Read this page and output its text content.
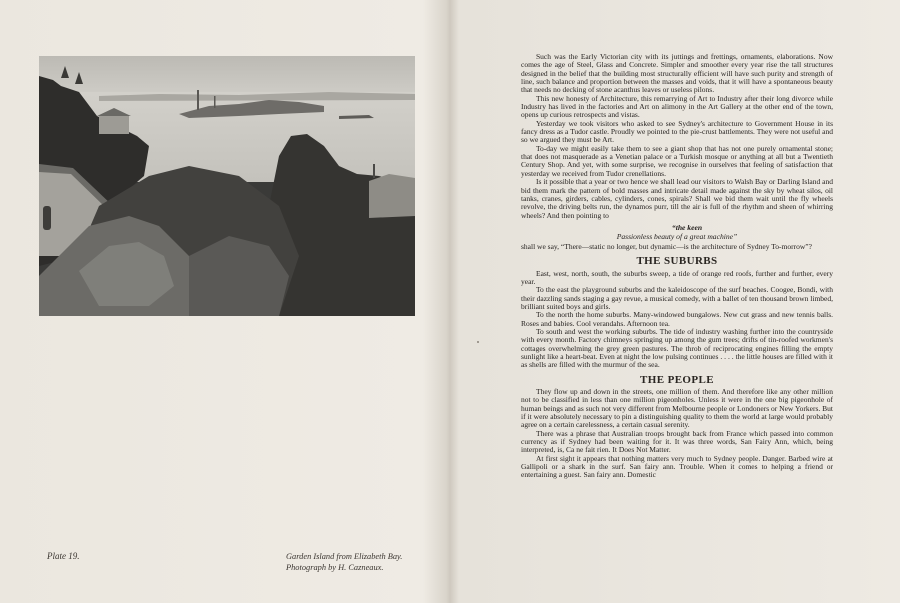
Plate 19.	Garden Island from Elizabeth Bay.
Photograph by H. Cazneaux.

Such was the Early Victorian city with its juttings and frettings, ornaments, elaborations. Now comes the age of Steel, Glass and Concrete. Simpler and smoother every year rise the tall structures designed in the belief that the building most structurally efficient will have such purity and strength of line, such balance and proportion between the masses and voids, that it will have a spontaneous beauty that needs no decking of stone acanthus leaves or useless pilons.

This new honesty of Architecture, this remarrying of Art to Industry after their long divorce while Industry has lived in the factories and Art on alimony in the Art Gallery at the other end of the town, opens up curious retrospects and vistas.

Yesterday we took visitors who asked to see Sydney's architecture to Government House in its fancy dress as a Tudor castle. Proudly we pointed to the pie-crust battlements. They were not useful and so we argued they must be Art.

To-day we might easily take them to see a giant shop that has not one purely ornamental stone; that does not masquerade as a Venetian palace or a Turkish mosque or anything at all but a Twentieth Century Shop. And yet, with some surprise, we recognise in ourselves that feeling of satisfaction that yesterday we received from Tudor crenellations.

Is it possible that a year or two hence we shall lead our visitors to Walsh Bay or Darling Island and bid them mark the pattern of bold masses and intricate detail made against the sky by wheat silos, oil tanks, cranes, girders, cables, cylinders, cones, spirals? Shall we bid them wait until the fly wheels revolve, the driving belts run, the dynamos purr, till the air is full of the rhythm and sheen of whirring wheels? And then pointing to

“the keen
Passionless beauty of a great machine”

shall we say, “There—static no longer, but dynamic—is the architecture of Sydney To-morrow”?

THE SUBURBS

East, west, north, south, the suburbs sweep, a tide of orange red roofs, further and further, every year.

To the east the playground suburbs and the kaleidoscope of the surf beaches. Coogee, Bondi, with their dazzling sands staging a gay revue, a musical comedy, with a ballet of ten thousand brown limbed, brilliant suited boys and girls.

To the north the home suburbs. Many-windowed bungalows. New cut grass and new tennis balls. Roses and babies. Cool verandahs. Afternoon tea.

To south and west the working suburbs. The tide of industry washing further into the countryside with every month. Factory chimneys springing up among the gum trees; drifts of tin-roofed workmen's cottages overwhelming the grey green pastures. The throb of reciprocating engines filling the empty sunlight like a heart-beat. Even at night the low pulsing continues . . . . the little houses are filled with it as shells are filled with the murmur of the sea.

THE PEOPLE

They flow up and down in the streets, one million of them. And therefore like any other million not to be classified in less than one million pigeonholes. Unless it were in the one big pigeonhole of human beings and as such not very different from Melbourne people or Londoners or New Yorkers. But if it were absolutely necessary to pin a distinguishing quality to them the world at large would probably agree on a certain carelessness, a certain casual serenity.

There was a phrase that Australian troops brought back from France which passed into common currency as if Sydney had been waiting for it. It was three words, San Fairy Ann, which, being interpreted, is, Ca ne fait rien. It Does Not Matter.

At first sight it appears that nothing matters very much to Sydney people. Danger. Barbed wire at Gallipoli or a shark in the surf. San fairy ann. Trouble. When it comes to helping a friend or entertaining a guest. San fairy ann. Domestic
